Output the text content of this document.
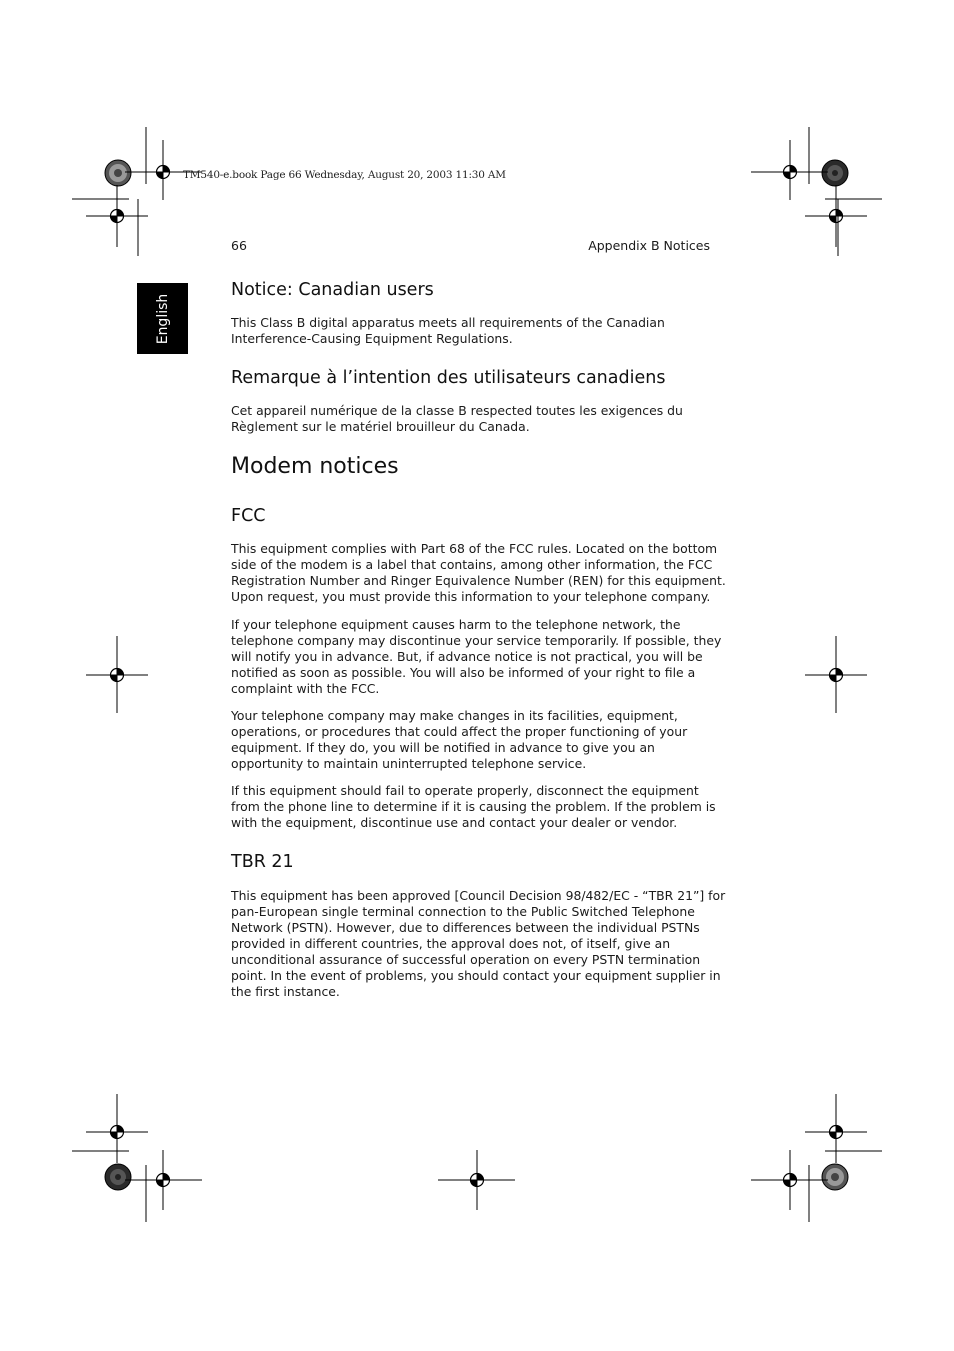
TM540-e.book Page 66 Wednesday, August 20, 2003 11:30 AM
66	Appendix B Notices
English
Notice: Canadian users

This Class B digital apparatus meets all requirements of the Canadian
Interference-Causing Equipment Regulations.

Remarque à l’intention des utilisateurs canadiens

Cet appareil numérique de la classe B respected toutes les exigences du
Règlement sur le matériel brouilleur du Canada.

Modem notices
FCC

This equipment complies with Part 68 of the FCC rules. Located on the bottom
side of the modem is a label that contains, among other information, the FCC
Registration Number and Ringer Equivalence Number (REN) for this equipment.
Upon request, you must provide this information to your telephone company.

If your telephone equipment causes harm to the telephone network, the
telephone company may discontinue your service temporarily. If possible, they
will notify you in advance. But, if advance notice is not practical, you will be
notified as soon as possible. You will also be informed of your right to file a
complaint with the FCC.

Your telephone company may make changes in its facilities, equipment,
operations, or procedures that could affect the proper functioning of your
equipment. If they do, you will be notified in advance to give you an
opportunity to maintain uninterrupted telephone service.

If this equipment should fail to operate properly, disconnect the equipment
from the phone line to determine if it is causing the problem. If the problem is
with the equipment, discontinue use and contact your dealer or vendor.

TBR 21

This equipment has been approved [Council Decision 98/482/EC - “TBR 21”] for
pan-European single terminal connection to the Public Switched Telephone
Network (PSTN). However, due to differences between the individual PSTNs
provided in different countries, the approval does not, of itself, give an
unconditional assurance of successful operation on every PSTN termination
point. In the event of problems, you should contact your equipment supplier in
the first instance.
